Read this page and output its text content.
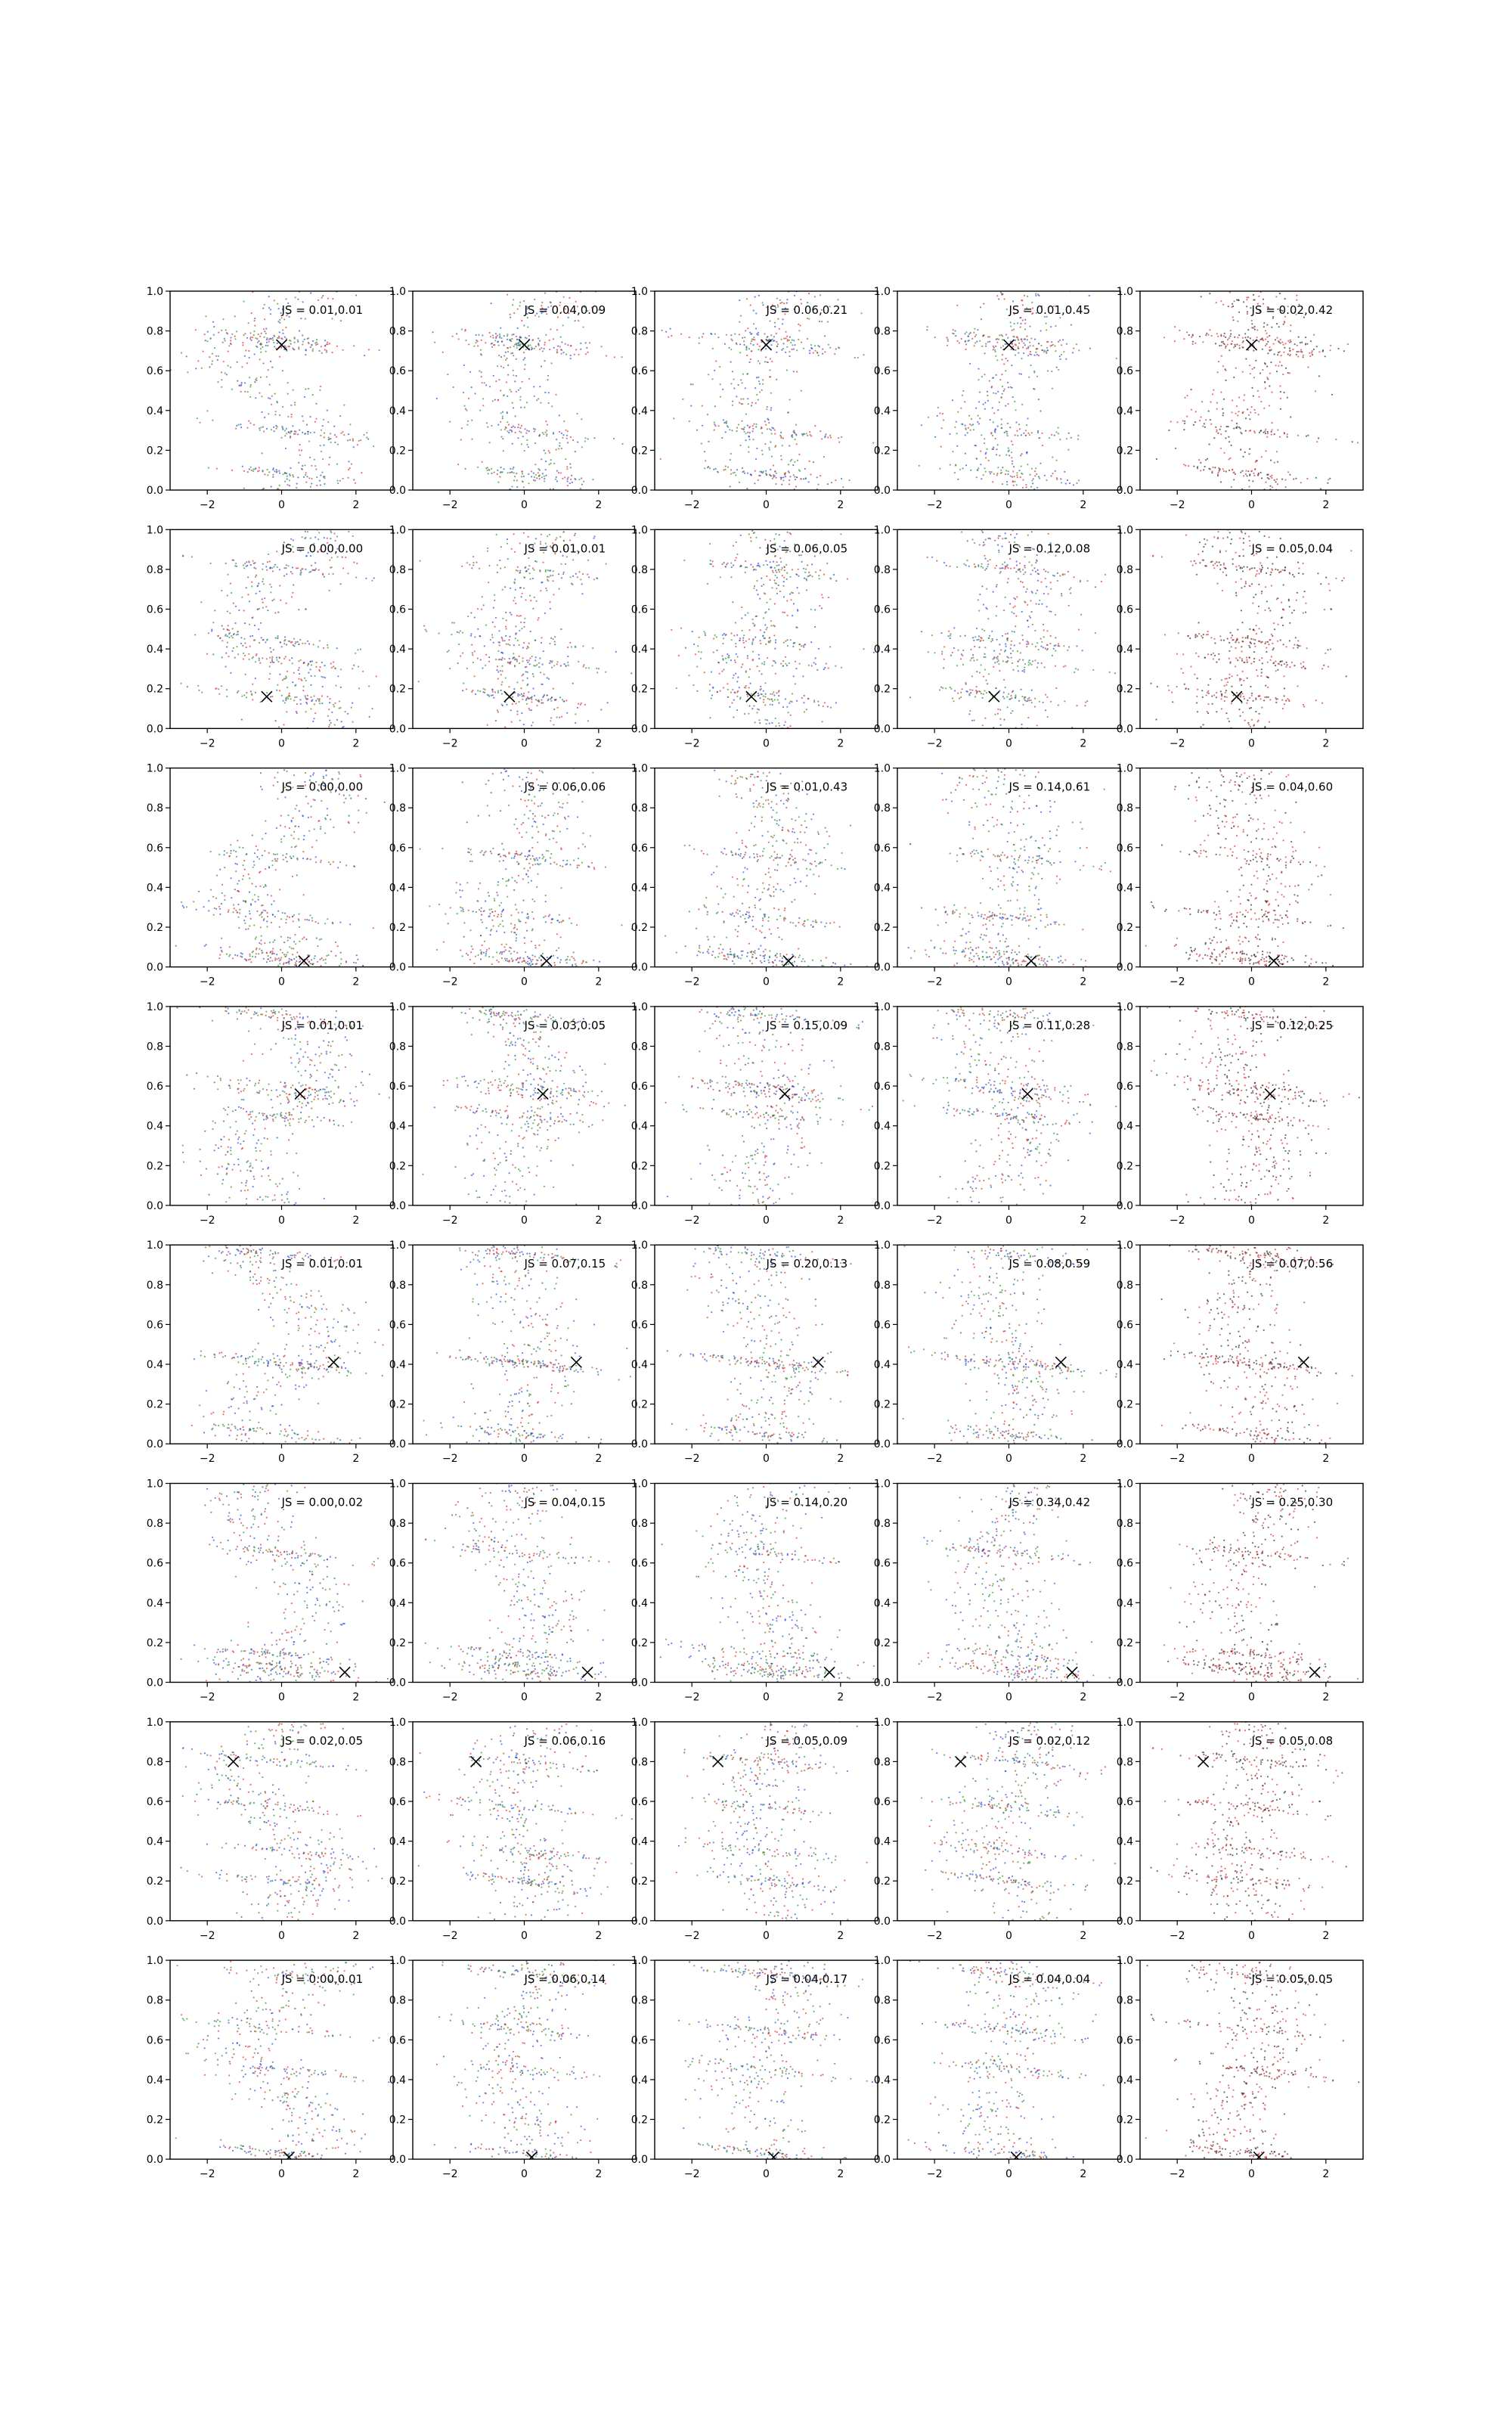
0.0
0.2
0.4
0.6
0.8
1.0
−2	0	2
JS = 0.01,0.01
0.0
0.2
0.4
0.6
0.8
1.0
−2	0	2
JS = 0.04,0.09
0.0
0.2
0.4
0.6
0.8
1.0
−2	0	2
JS = 0.06,0.21
0.0
0.2
0.4
0.6
0.8
1.0
−2	0	2
JS = 0.01,0.45
0.0
0.2
0.4
0.6
0.8
1.0
−2	0	2
JS = 0.02,0.42
0.0
0.2
0.4
0.6
0.8
1.0
−2	0	2
JS = 0.00,0.00
0.0
0.2
0.4
0.6
0.8
1.0
−2	0	2
JS = 0.01,0.01
0.0
0.2
0.4
0.6
0.8
1.0
−2	0	2
JS = 0.06,0.05
0.0
0.2
0.4
0.6
0.8
1.0
−2	0	2
JS = 0.12,0.08
0.0
0.2
0.4
0.6
0.8
1.0
−2	0	2
JS = 0.05,0.04
0.0
0.2
0.4
0.6
0.8
1.0
−2	0	2
JS = 0.00,0.00
0.0
0.2
0.4
0.6
0.8
1.0
−2	0	2
JS = 0.06,0.06
0.0
0.2
0.4
0.6
0.8
1.0
−2	0	2
JS = 0.01,0.43
0.0
0.2
0.4
0.6
0.8
1.0
−2	0	2
JS = 0.14,0.61
0.0
0.2
0.4
0.6
0.8
1.0
−2	0	2
JS = 0.04,0.60
0.0
0.2
0.4
0.6
0.8
1.0
−2	0	2
JS = 0.01,0.01
0.0
0.2
0.4
0.6
0.8
1.0
−2	0	2
JS = 0.03,0.05
0.0
0.2
0.4
0.6
0.8
1.0
−2	0	2
JS = 0.15,0.09
0.0
0.2
0.4
0.6
0.8
1.0
−2	0	2
JS = 0.11,0.28
0.0
0.2
0.4
0.6
0.8
1.0
−2	0	2
JS = 0.12,0.25
0.0
0.2
0.4
0.6
0.8
1.0
−2	0	2
JS = 0.01,0.01
0.0
0.2
0.4
0.6
0.8
1.0
−2	0	2
JS = 0.07,0.15
0.0
0.2
0.4
0.6
0.8
1.0
−2	0	2
JS = 0.20,0.13
0.0
0.2
0.4
0.6
0.8
1.0
−2	0	2
JS = 0.08,0.59
0.0
0.2
0.4
0.6
0.8
1.0
−2	0	2
JS = 0.07,0.56
0.0
0.2
0.4
0.6
0.8
1.0
−2	0	2
JS = 0.00,0.02
0.0
0.2
0.4
0.6
0.8
1.0
−2	0	2
JS = 0.04,0.15
0.0
0.2
0.4
0.6
0.8
1.0
−2	0	2
JS = 0.14,0.20
0.0
0.2
0.4
0.6
0.8
1.0
−2	0	2
JS = 0.34,0.42
0.0
0.2
0.4
0.6
0.8
1.0
−2	0	2
JS = 0.25,0.30
0.0
0.2
0.4
0.6
0.8
1.0
−2	0	2
JS = 0.02,0.05
0.0
0.2
0.4
0.6
0.8
1.0
−2	0	2
JS = 0.06,0.16
0.0
0.2
0.4
0.6
0.8
1.0
−2	0	2
JS = 0.05,0.09
0.0
0.2
0.4
0.6
0.8
1.0
−2	0	2
JS = 0.02,0.12
0.0
0.2
0.4
0.6
0.8
1.0
−2	0	2
JS = 0.05,0.08
0.0
0.2
0.4
0.6
0.8
1.0
−2	0	2
JS = 0.00,0.01
0.0
0.2
0.4
0.6
0.8
1.0
−2	0	2
JS = 0.06,0.14
0.0
0.2
0.4
0.6
0.8
1.0
−2	0	2
JS = 0.04,0.17
0.0
0.2
0.4
0.6
0.8
1.0
−2	0	2
JS = 0.04,0.04
0.0
0.2
0.4
0.6
0.8
1.0
−2	0	2
JS = 0.05,0.05
